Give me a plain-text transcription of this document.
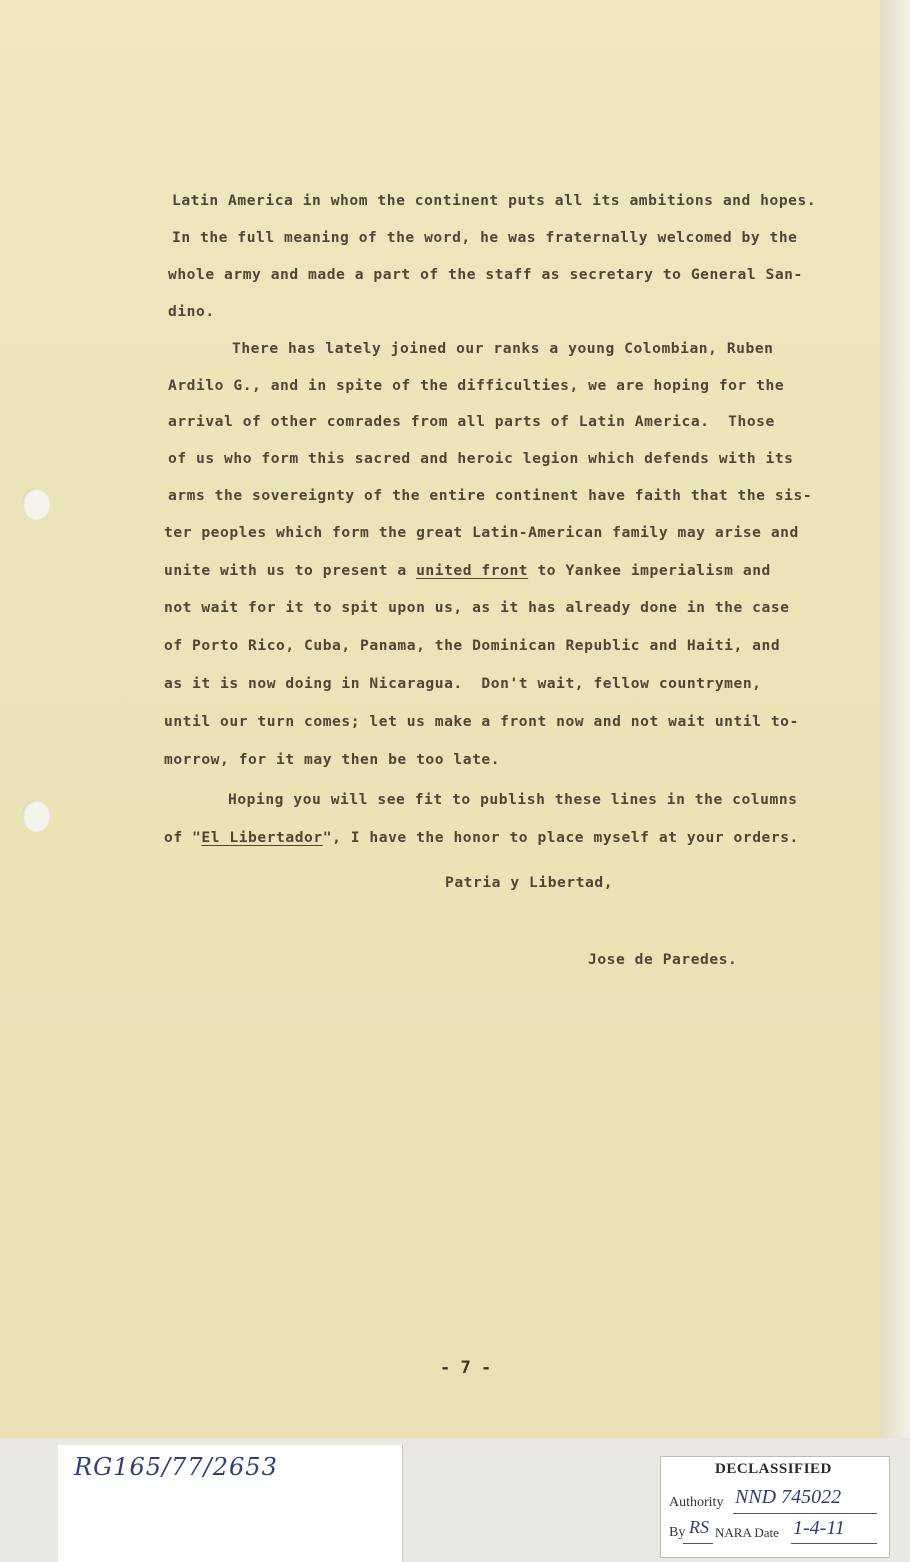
Latin America in whom the continent puts all its ambitions and hopes.
In the full meaning of the word, he was fraternally welcomed by the
whole army and made a part of the staff as secretary to General San-
dino.
There has lately joined our ranks a young Colombian, Ruben
Ardilo G., and in spite of the difficulties, we are hoping for the
arrival of other comrades from all parts of Latin America.  Those
of us who form this sacred and heroic legion which defends with its
arms the sovereignty of the entire continent have faith that the sis-
ter peoples which form the great Latin-American family may arise and
unite with us to present a united front to Yankee imperialism and
not wait for it to spit upon us, as it has already done in the case
of Porto Rico, Cuba, Panama, the Dominican Republic and Haiti, and
as it is now doing in Nicaragua.  Don't wait, fellow countrymen,
until our turn comes; let us make a front now and not wait until to-
morrow, for it may then be too late.
Hoping you will see fit to publish these lines in the columns
of "El Libertador", I have the honor to place myself at your orders.
Patria y Libertad,
Jose de Paredes.
- 7 -
RG165/77/2653	DECLASSIFIED
Authority NND 745022
By RS NARA Date 1-4-11
